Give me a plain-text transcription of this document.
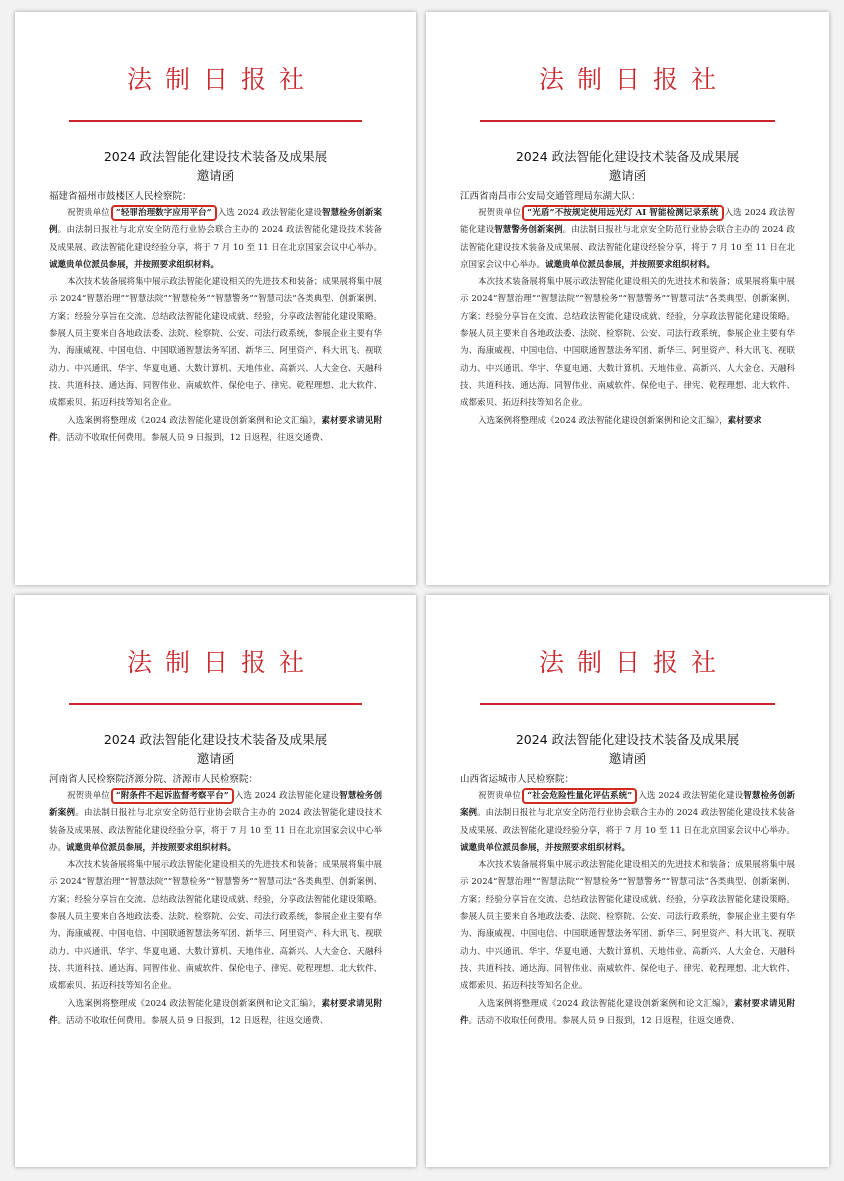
法制日报社
2024 政法智能化建设技术装备及成果展
邀请函
福建省福州市鼓楼区人民检察院：

祝贺贵单位 “轻罪治理数字应用平台” 入选 2024 政法智能化建设智慧检务创新案例。由法制日报社与北京安全防范行业协会联合主办的 2024 政法智能化建设技术装备及成果展、政法智能化建设经验分享，将于 7 月 10 至 11 日在北京国家会议中心举办。诚邀贵单位派员参展，并按照要求组织材料。

本次技术装备展将集中展示政法智能化建设相关的先进技术和装备；成果展将集中展示 2024“智慧治理”“智慧法院”“智慧检务”“智慧警务”“智慧司法”各类典型、创新案例、方案；经验分享旨在交流、总结政法智能化建设成就、经验，分享政法智能化建设策略。参展人员主要来自各地政法委、法院、检察院、公安、司法行政系统，参展企业主要有华为、海康威视、中国电信、中国联通智慧法务军团、新华三、阿里资产、科大讯飞、视联动力、中兴通讯、华宇、华夏电通、大数计算机、天地伟业、高新兴、人大金仓、天融科技、共道科技、通达海、同智伟业、南威软件、保伦电子、律宪、乾程理想、北大软件、成都索贝、拓迈科技等知名企业。

入选案例将整理成《2024 政法智能化建设创新案例和论文汇编》，素材要求请见附件。活动不收取任何费用。参展人员 9 日报到，12 日返程，往返交通费、

法制日报社
2024 政法智能化建设技术装备及成果展
邀请函
江西省南昌市公安局交通管理局东湖大队：

祝贺贵单位 “光盾”不按规定使用远光灯 AI 智能检测记录系统 入选 2024 政法智能化建设智慧警务创新案例。由法制日报社与北京安全防范行业协会联合主办的 2024 政法智能化建设技术装备及成果展、政法智能化建设经验分享，将于 7 月 10 至 11 日在北京国家会议中心举办。诚邀贵单位派员参展，并按照要求组织材料。

本次技术装备展将集中展示政法智能化建设相关的先进技术和装备；成果展将集中展示 2024“智慧治理”“智慧法院”“智慧检务”“智慧警务”“智慧司法”各类典型、创新案例、方案；经验分享旨在交流、总结政法智能化建设成就、经验，分享政法智能化建设策略。参展人员主要来自各地政法委、法院、检察院、公安、司法行政系统，参展企业主要有华为、海康威视、中国电信、中国联通智慧法务军团、新华三、阿里资产、科大讯飞、视联动力、中兴通讯、华宇、华夏电通、大数计算机、天地伟业、高新兴、人大金仓、天融科技、共道科技、通达海、同智伟业、南威软件、保伦电子、律宪、乾程理想、北大软件、成都索贝、拓迈科技等知名企业。

入选案例将整理成《2024 政法智能化建设创新案例和论文汇编》，素材要求

法制日报社
2024 政法智能化建设技术装备及成果展
邀请函
河南省人民检察院济源分院、济源市人民检察院：

祝贺贵单位 “附条件不起诉监督考察平台” 入选 2024 政法智能化建设智慧检务创新案例。由法制日报社与北京安全防范行业协会联合主办的 2024 政法智能化建设技术装备及成果展、政法智能化建设经验分享，将于 7 月 10 至 11 日在北京国家会议中心举办。诚邀贵单位派员参展，并按照要求组织材料。

本次技术装备展将集中展示政法智能化建设相关的先进技术和装备；成果展将集中展示 2024“智慧治理”“智慧法院”“智慧检务”“智慧警务”“智慧司法”各类典型、创新案例、方案；经验分享旨在交流、总结政法智能化建设成就、经验，分享政法智能化建设策略。参展人员主要来自各地政法委、法院、检察院、公安、司法行政系统，参展企业主要有华为、海康威视、中国电信、中国联通智慧法务军团、新华三、阿里资产、科大讯飞、视联动力、中兴通讯、华宇、华夏电通、大数计算机、天地伟业、高新兴、人大金仓、天融科技、共道科技、通达海、同智伟业、南威软件、保伦电子、律宪、乾程理想、北大软件、成都索贝、拓迈科技等知名企业。

入选案例将整理成《2024 政法智能化建设创新案例和论文汇编》，素材要求请见附件。活动不收取任何费用。参展人员 9 日报到，12 日返程，往返交通费、

法制日报社
2024 政法智能化建设技术装备及成果展
邀请函
山西省运城市人民检察院：

祝贺贵单位 “社会危险性量化评估系统” 入选 2024 政法智能化建设智慧检务创新案例。由法制日报社与北京安全防范行业协会联合主办的 2024 政法智能化建设技术装备及成果展、政法智能化建设经验分享，将于 7 月 10 至 11 日在北京国家会议中心举办。诚邀贵单位派员参展，并按照要求组织材料。

本次技术装备展将集中展示政法智能化建设相关的先进技术和装备；成果展将集中展示 2024“智慧治理”“智慧法院”“智慧检务”“智慧警务”“智慧司法”各类典型、创新案例、方案；经验分享旨在交流、总结政法智能化建设成就、经验，分享政法智能化建设策略。参展人员主要来自各地政法委、法院、检察院、公安、司法行政系统，参展企业主要有华为、海康威视、中国电信、中国联通智慧法务军团、新华三、阿里资产、科大讯飞、视联动力、中兴通讯、华宇、华夏电通、大数计算机、天地伟业、高新兴、人大金仓、天融科技、共道科技、通达海、同智伟业、南威软件、保伦电子、律宪、乾程理想、北大软件、成都索贝、拓迈科技等知名企业。

入选案例将整理成《2024 政法智能化建设创新案例和论文汇编》，素材要求请见附件。活动不收取任何费用。参展人员 9 日报到，12 日返程，往返交通费、
